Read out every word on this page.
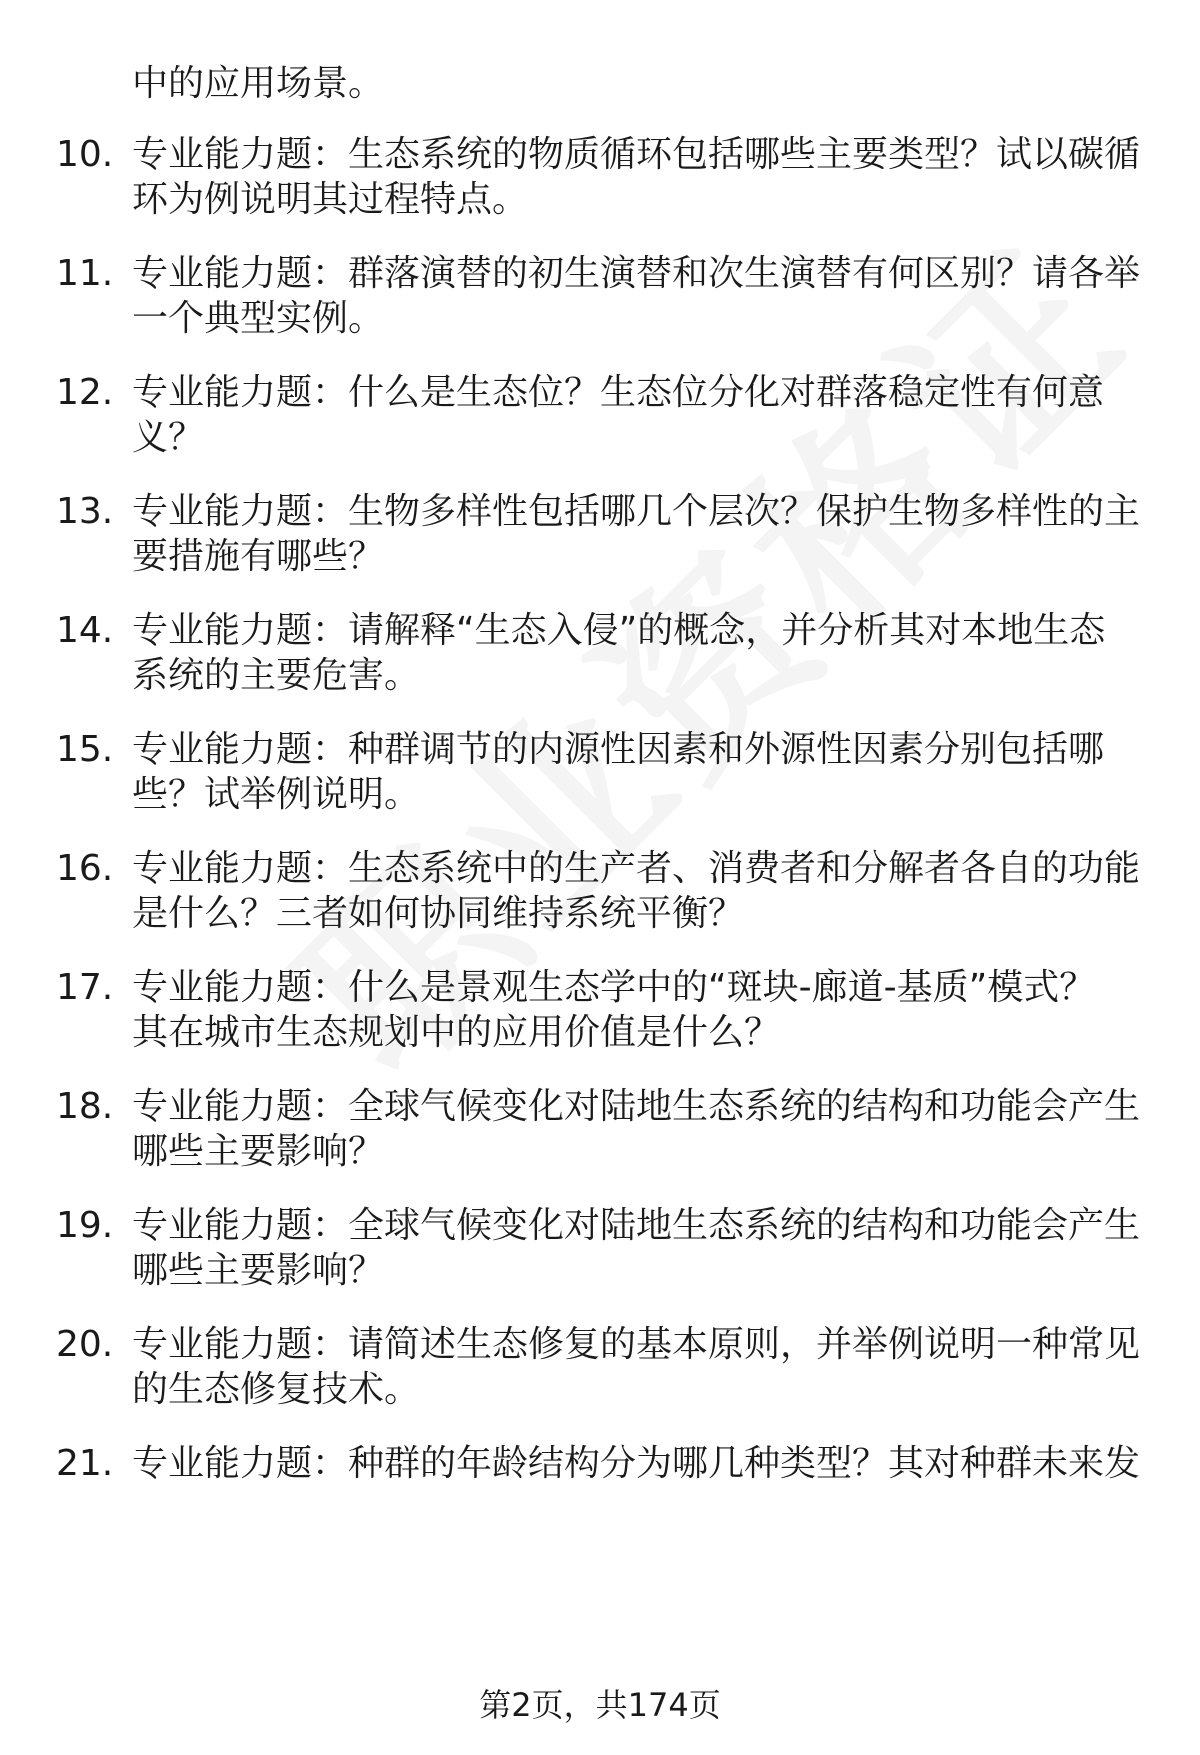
中的应用场景。
10. 专业能力题：生态系统的物质循环包括哪些主要类型？试以碳循
环为例说明其过程特点。
11. 专业能力题：群落演替的初生演替和次生演替有何区别？请各举
一个典型实例。
12. 专业能力题：什么是生态位？生态位分化对群落稳定性有何意
义？
13. 专业能力题：生物多样性包括哪几个层次？保护生物多样性的主
要措施有哪些？
14. 专业能力题：请解释“生态入侵”的概念，并分析其对本地生态
系统的主要危害。
15. 专业能力题：种群调节的内源性因素和外源性因素分别包括哪
些？试举例说明。
16. 专业能力题：生态系统中的生产者、消费者和分解者各自的功能
是什么？三者如何协同维持系统平衡？
17. 专业能力题：什么是景观生态学中的“斑块-廊道-基质”模式？
其在城市生态规划中的应用价值是什么？
18. 专业能力题：全球气候变化对陆地生态系统的结构和功能会产生
哪些主要影响？
19. 专业能力题：全球气候变化对陆地生态系统的结构和功能会产生
哪些主要影响？
20. 专业能力题：请简述生态修复的基本原则，并举例说明一种常见
的生态修复技术。
21. 专业能力题：种群的年龄结构分为哪几种类型？其对种群未来发
第2页，共174页
